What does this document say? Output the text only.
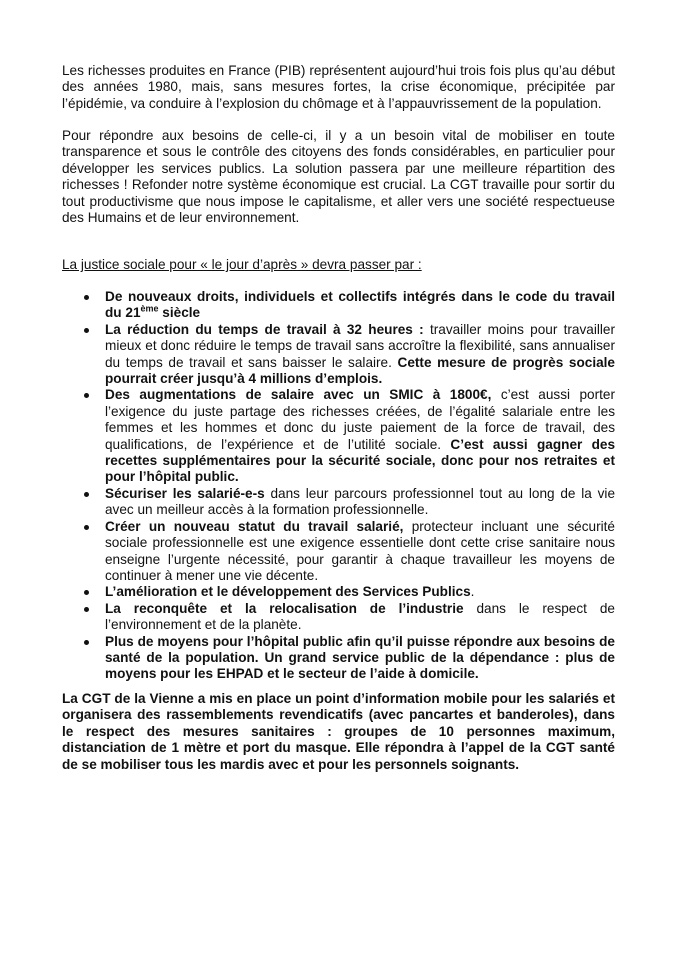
Les richesses produites en France (PIB) représentent aujourd’hui trois fois plus qu’au début des années 1980, mais, sans mesures fortes, la crise économique, précipitée par l’épidémie, va conduire à l’explosion du chômage et à l’appauvrissement de la population.

Pour répondre aux besoins de celle-ci, il y a un besoin vital de mobiliser en toute transparence et sous le contrôle des citoyens des fonds considérables, en particulier pour développer les services publics. La solution passera par une meilleure répartition des richesses ! Refonder notre système économique est crucial. La CGT travaille pour sortir du tout productivisme que nous impose le capitalisme, et aller vers une société respectueuse des Humains et de leur environnement.

La justice sociale pour « le jour d’après » devra passer par :

De nouveaux droits, individuels et collectifs intégrés dans le code du travail du 21ème siècle
La réduction du temps de travail à 32 heures : travailler moins pour travailler mieux et donc réduire le temps de travail sans accroître la flexibilité, sans annualiser du temps de travail et sans baisser le salaire. Cette mesure de progrès sociale pourrait créer jusqu’à 4 millions d’emplois.
Des augmentations de salaire avec un SMIC à 1800€, c’est aussi porter l’exigence du juste partage des richesses créées, de l’égalité salariale entre les femmes et les hommes et donc du juste paiement de la force de travail, des qualifications, de l’expérience et de l’utilité sociale. C’est aussi gagner des recettes supplémentaires pour la sécurité sociale, donc pour nos retraites et pour l’hôpital public.
Sécuriser les salarié-e-s dans leur parcours professionnel tout au long de la vie avec un meilleur accès à la formation professionnelle.
Créer un nouveau statut du travail salarié, protecteur incluant une sécurité sociale professionnelle est une exigence essentielle dont cette crise sanitaire nous enseigne l’urgente nécessité, pour garantir à chaque travailleur les moyens de continuer à mener une vie décente.
L’amélioration et le développement des Services Publics.
La reconquête et la relocalisation de l’industrie dans le respect de l’environnement et de la planète.
Plus de moyens pour l’hôpital public afin qu’il puisse répondre aux besoins de santé de la population. Un grand service public de la dépendance : plus de moyens pour les EHPAD et le secteur de l’aide à domicile.

La CGT de la Vienne a mis en place un point d’information mobile pour les salariés et organisera des rassemblements revendicatifs (avec pancartes et banderoles), dans le respect des mesures sanitaires : groupes de 10 personnes maximum, distanciation de 1 mètre et port du masque. Elle répondra à l’appel de la CGT santé de se mobiliser tous les mardis avec et pour les personnels soignants.
